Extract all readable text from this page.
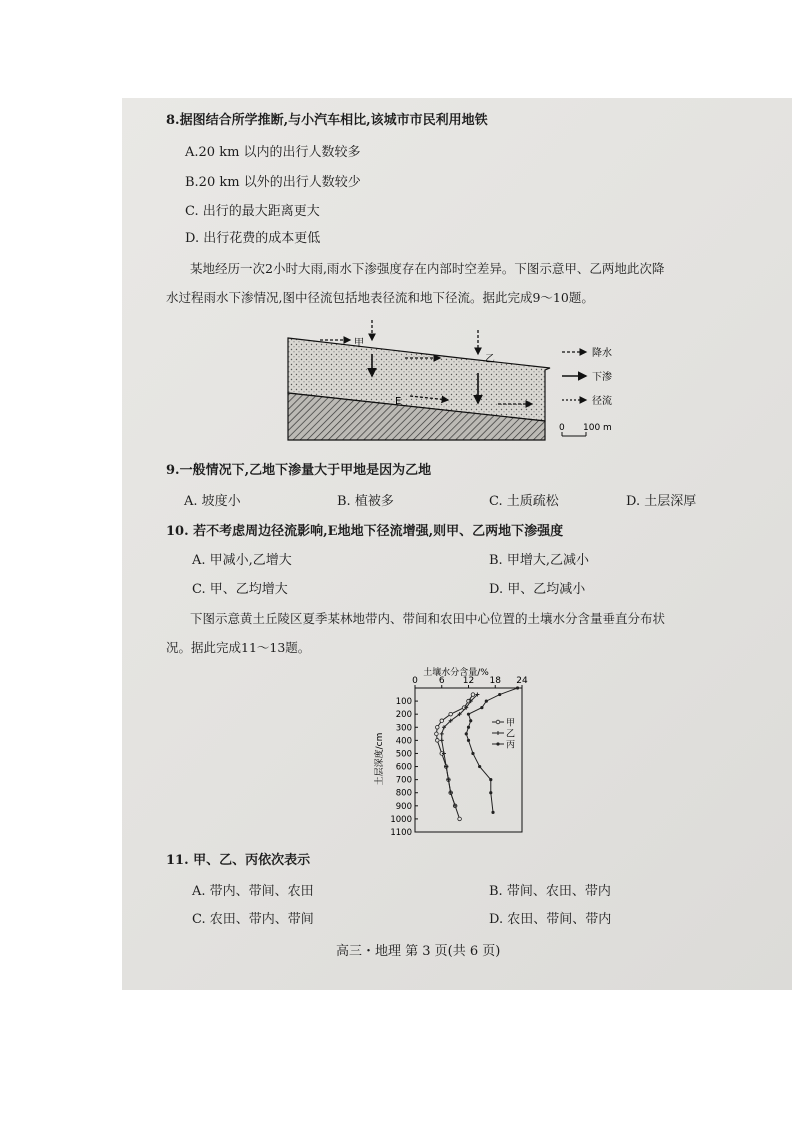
8.据图结合所学推断,与小汽车相比,该城市市民利用地铁
A.20 km 以内的出行人数较多
B.20 km 以外的出行人数较少
C. 出行的最大距离更大
D. 出行花费的成本更低
某地经历一次2小时大雨,雨水下渗强度存在内部时空差异。下图示意甲、乙两地此次降
水过程雨水下渗情况,图中径流包括地表径流和地下径流。据此完成9～10题。
甲
乙
E
降水
下渗
径流
0 100 m
9.一般情况下,乙地下渗量大于甲地是因为乙地
A. 坡度小	B. 植被多	C. 土质疏松	D. 土层深厚
10. 若不考虑周边径流影响,E地地下径流增强,则甲、乙两地下渗强度
A. 甲减小,乙增大	B. 甲增大,乙减小
C. 甲、乙均增大	D. 甲、乙均减小
下图示意黄土丘陵区夏季某林地带内、带间和农田中心位置的土壤水分含量垂直分布状
况。据此完成11～13题。
土壤水分含量/%
土层深度/cm
0 6 12 18 24
100
200
300
400
500
600
700
800
900
1000
1100
甲
乙
丙
11. 甲、乙、丙依次表示
A. 带内、带间、农田	B. 带间、农田、带内
C. 农田、带内、带间	D. 农田、带间、带内
高三・地理 第 3 页(共 6 页)
